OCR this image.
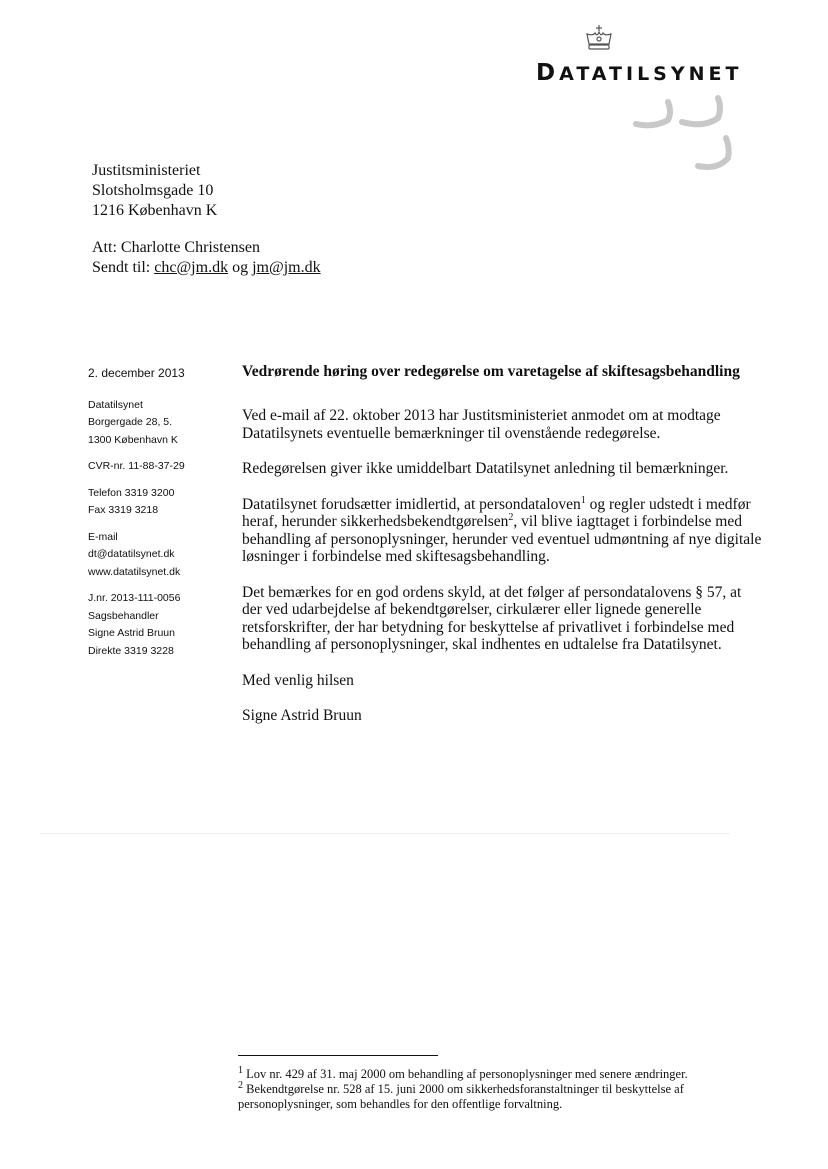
DATATILSYNET
Justitsministeriet
Slotsholmsgade 10
1216 København K
Att: Charlotte Christensen
Sendt til: chc@jm.dk og jm@jm.dk
2. december 2013
Datatilsynet
Borgergade 28, 5.
1300 København K
CVR-nr. 11-88-37-29
Telefon 3319 3200
Fax 3319 3218
E-mail
dt@datatilsynet.dk
www.datatilsynet.dk
J.nr. 2013-111-0056
Sagsbehandler
Signe Astrid Bruun
Direkte 3319 3228
Vedrørende høring over redegørelse om varetagelse af skiftesagsbehandling

Ved e-mail af 22. oktober 2013 har Justitsministeriet anmodet om at modtage Datatilsynets eventuelle bemærkninger til ovenstående redegørelse.

Redegørelsen giver ikke umiddelbart Datatilsynet anledning til bemærkninger.

Datatilsynet forudsætter imidlertid, at persondataloven$^1$ og regler udstedt i medfør heraf, herunder sikkerhedsbekendtgørelsen$^2$, vil blive iagttaget i forbindelse med behandling af personoplysninger, herunder ved eventuel udmøntning af nye digitale løsninger i forbindelse med skiftesagsbehandling.

Det bemærkes for en god ordens skyld, at det følger af persondatalovens § 57, at der ved udarbejdelse af bekendtgørelser, cirkulærer eller lignede generelle retsforskrifter, der har betydning for beskyttelse af privatlivet i forbindelse med behandling af personoplysninger, skal indhentes en udtalelse fra Datatilsynet.

Med venlig hilsen

Signe Astrid Bruun

$^1$ Lov nr. 429 af 31. maj 2000 om behandling af personoplysninger med senere ændringer.

$^2$ Bekendtgørelse nr. 528 af 15. juni 2000 om sikkerhedsforanstaltninger til beskyttelse af personoplysninger, som behandles for den offentlige forvaltning.
